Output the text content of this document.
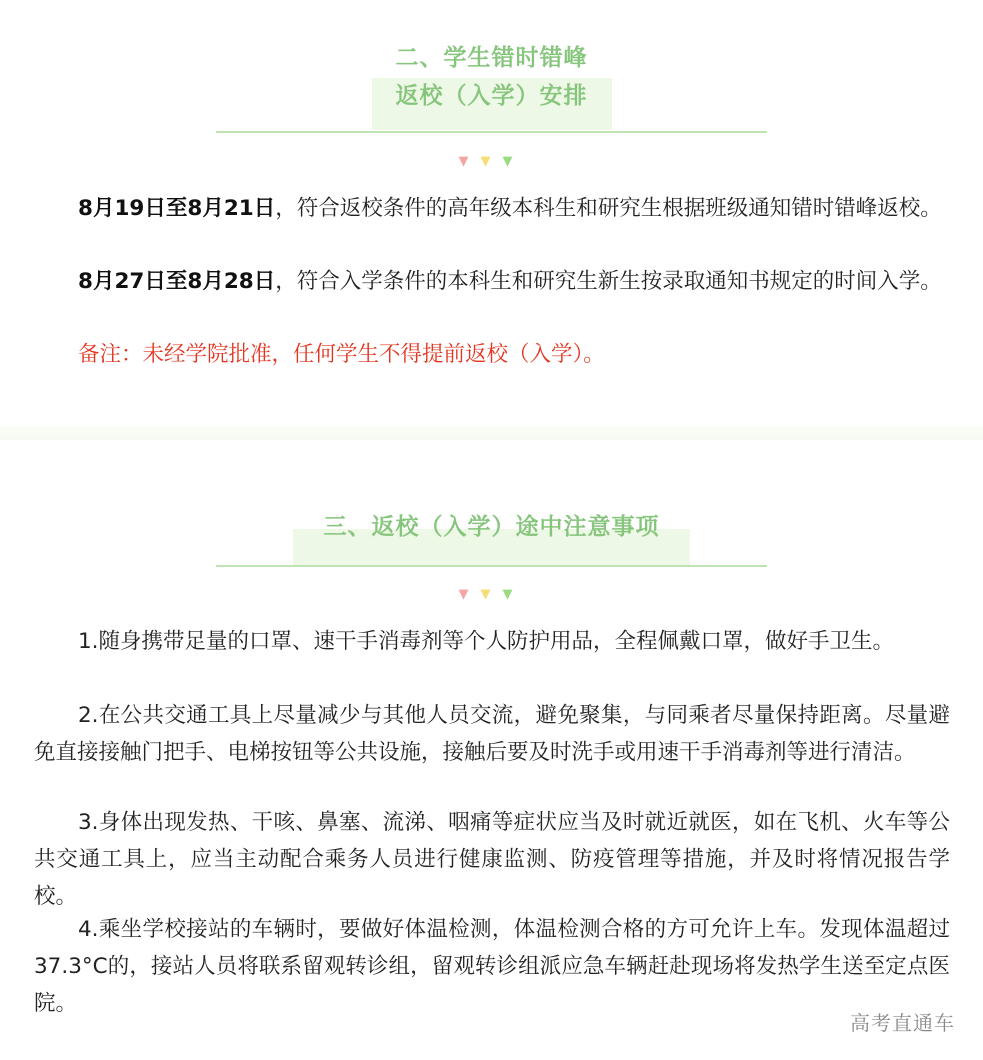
二、学生错时错峰
返校（入学）安排
▼▼▼

8月19日至8月21日，符合返校条件的高年级本科生和研究生根据班级通知错时错峰返校。

8月27日至8月28日，符合入学条件的本科生和研究生新生按录取通知书规定的时间入学。

备注：未经学院批准，任何学生不得提前返校（入学）。

三、返校（入学）途中注意事项
▼▼▼

1.随身携带足量的口罩、速干手消毒剂等个人防护用品，全程佩戴口罩，做好手卫生。

2.在公共交通工具上尽量减少与其他人员交流，避免聚集，与同乘者尽量保持距离。尽量避免直接接触门把手、电梯按钮等公共设施，接触后要及时洗手或用速干手消毒剂等进行清洁。

3.身体出现发热、干咳、鼻塞、流涕、咽痛等症状应当及时就近就医，如在飞机、火车等公共交通工具上，应当主动配合乘务人员进行健康监测、防疫管理等措施，并及时将情况报告学校。

4.乘坐学校接站的车辆时，要做好体温检测，体温检测合格的方可允许上车。发现体温超过37.3°C的，接站人员将联系留观转诊组，留观转诊组派应急车辆赶赴现场将发热学生送至定点医院。

高考直通车
